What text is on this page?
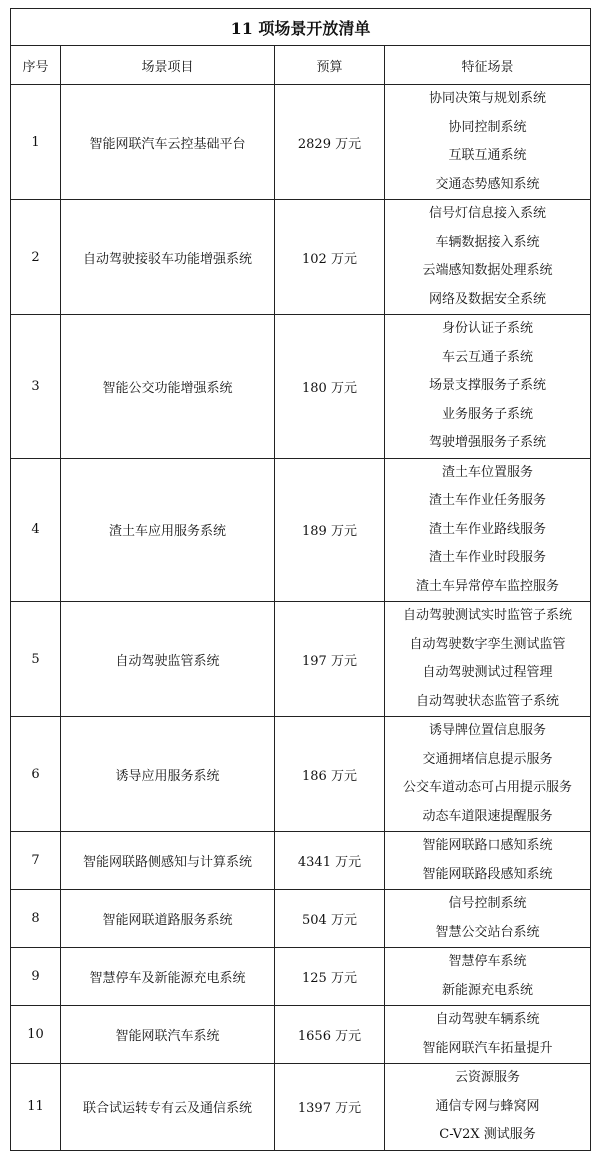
11 项场景开放清单			
序号	场景项目	预算	特征场景
1	智能网联汽车云控基础平台	2829 万元	协同决策与规划系统
协同控制系统
互联互通系统
交通态势感知系统

2	自动驾驶接驳车功能增强系统	102 万元	信号灯信息接入系统
车辆数据接入系统
云端感知数据处理系统
网络及数据安全系统

3	智能公交功能增强系统	180 万元	身份认证子系统
车云互通子系统
场景支撑服务子系统
业务服务子系统
驾驶增强服务子系统

4	渣土车应用服务系统	189 万元	渣土车位置服务
渣土车作业任务服务
渣土车作业路线服务
渣土车作业时段服务
渣土车异常停车监控服务

5	自动驾驶监管系统	197 万元	自动驾驶测试实时监管子系统
自动驾驶数字孪生测试监管
自动驾驶测试过程管理
自动驾驶状态监管子系统

6	诱导应用服务系统	186 万元	诱导牌位置信息服务
交通拥堵信息提示服务
公交车道动态可占用提示服务
动态车道限速提醒服务

7	智能网联路侧感知与计算系统	4341 万元	智能网联路口感知系统
智能网联路段感知系统

8	智能网联道路服务系统	504 万元	信号控制系统
智慧公交站台系统

9	智慧停车及新能源充电系统	125 万元	智慧停车系统
新能源充电系统

10	智能网联汽车系统	1656 万元	自动驾驶车辆系统
智能网联汽车拓量提升

11	联合试运转专有云及通信系统	1397 万元	云资源服务
通信专网与蜂窝网
C-V2X 测试服务
